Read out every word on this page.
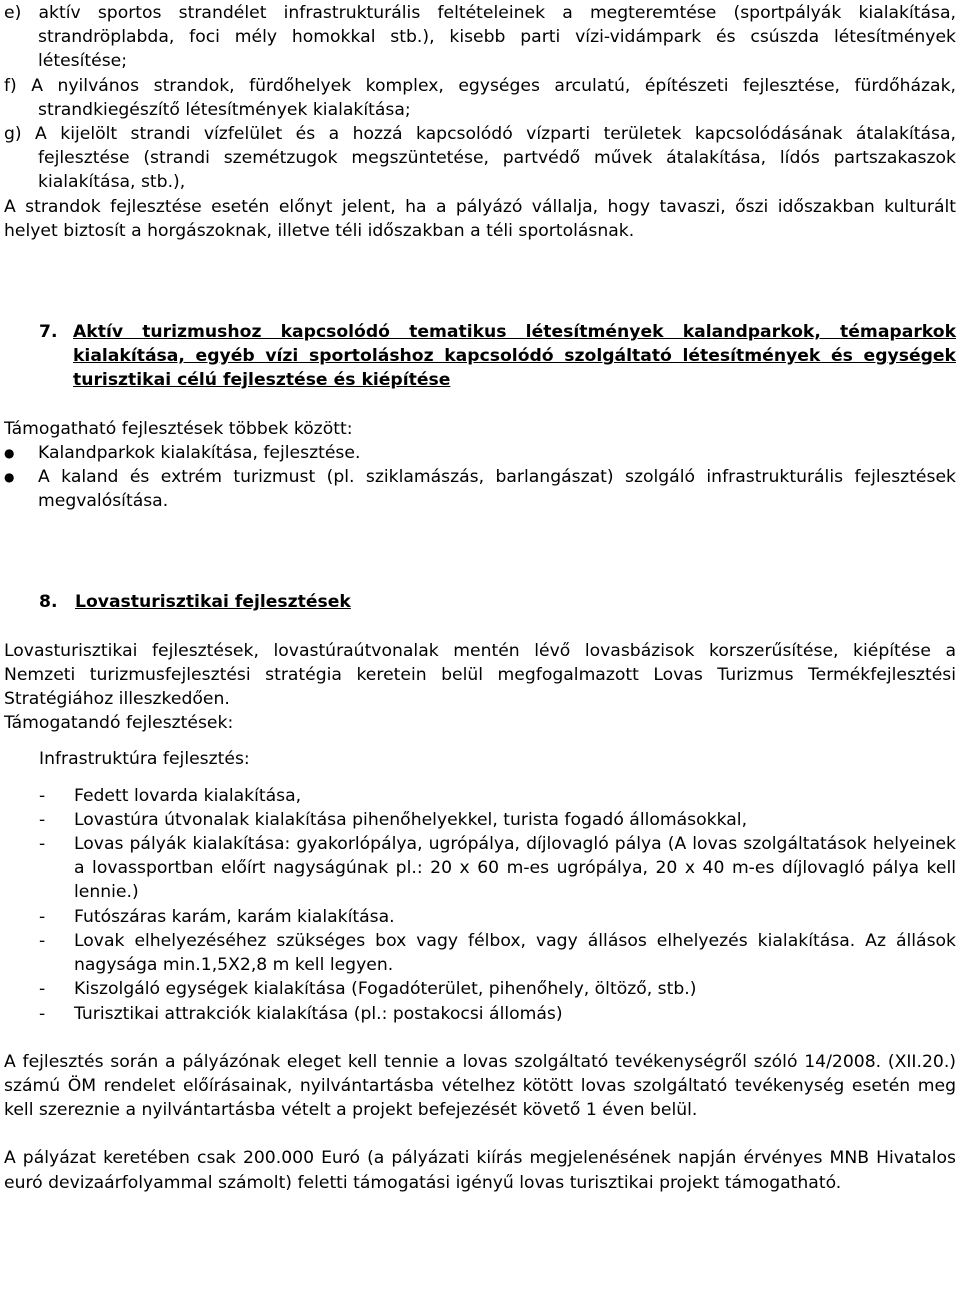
e) aktív sportos strandélet infrastrukturális feltételeinek a megteremtése (sportpályák kialakítása, strandröplabda, foci mély homokkal stb.), kisebb parti vízi-vidámpark és csúszda létesítmények létesítése;

f) A nyilvános strandok, fürdőhelyek komplex, egységes arculatú, építészeti fejlesztése, fürdőházak, strandkiegészítő létesítmények kialakítása;

g) A kijelölt strandi vízfelület és a hozzá kapcsolódó vízparti területek kapcsolódásának átalakítása, fejlesztése (strandi szemétzugok megszüntetése, partvédő művek átalakítása, lídós partszakaszok kialakítása, stb.),

A strandok fejlesztése esetén előnyt jelent, ha a pályázó vállalja, hogy tavaszi, őszi időszakban kulturált helyet biztosít a horgászoknak, illetve téli időszakban a téli sportolásnak.

7. Aktív turizmushoz kapcsolódó tematikus létesítmények kalandparkok, témaparkok kialakítása, egyéb vízi sportoláshoz kapcsolódó szolgáltató létesítmények és egységek turisztikai célú fejlesztése és kiépítése

Támogatható fejlesztések többek között:

●	Kalandparkok kialakítása, fejlesztése.
●	A kaland és extrém turizmust (pl. sziklamászás, barlangászat) szolgáló infrastrukturális fejlesztések megvalósítása.

8. Lovasturisztikai fejlesztések

Lovasturisztikai fejlesztések, lovastúraútvonalak mentén lévő lovasbázisok korszerűsítése, kiépítése a Nemzeti turizmusfejlesztési stratégia keretein belül megfogalmazott Lovas Turizmus Termékfejlesztési Stratégiához illeszkedően.

Támogatandó fejlesztések:

Infrastruktúra fejlesztés:

- Fedett lovarda kialakítása,
- Lovastúra útvonalak kialakítása pihenőhelyekkel, turista fogadó állomásokkal,
- Lovas pályák kialakítása: gyakorlópálya, ugrópálya, díjlovagló pálya (A lovas szolgáltatások helyeinek a lovassportban előírt nagyságúnak pl.: 20 x 60 m-es ugrópálya, 20 x 40 m-es díjlovagló pálya kell lennie.)
- Futószáras karám, karám kialakítása.
- Lovak elhelyezéséhez szükséges box vagy félbox, vagy állásos elhelyezés kialakítása. Az állások nagysága min.1,5X2,8 m kell legyen.
- Kiszolgáló egységek kialakítása (Fogadóterület, pihenőhely, öltöző, stb.)
- Turisztikai attrakciók kialakítása (pl.: postakocsi állomás)

A fejlesztés során a pályázónak eleget kell tennie a lovas szolgáltató tevékenységről szóló 14/2008. (XII.20.) számú ÖM rendelet előírásainak, nyilvántartásba vételhez kötött lovas szolgáltató tevékenység esetén meg kell szereznie a nyilvántartásba vételt a projekt befejezését követő 1 éven belül.

A pályázat keretében csak 200.000 Euró (a pályázati kiírás megjelenésének napján érvényes MNB Hivatalos euró devizaárfolyammal számolt) feletti támogatási igényű lovas turisztikai projekt támogatható.
